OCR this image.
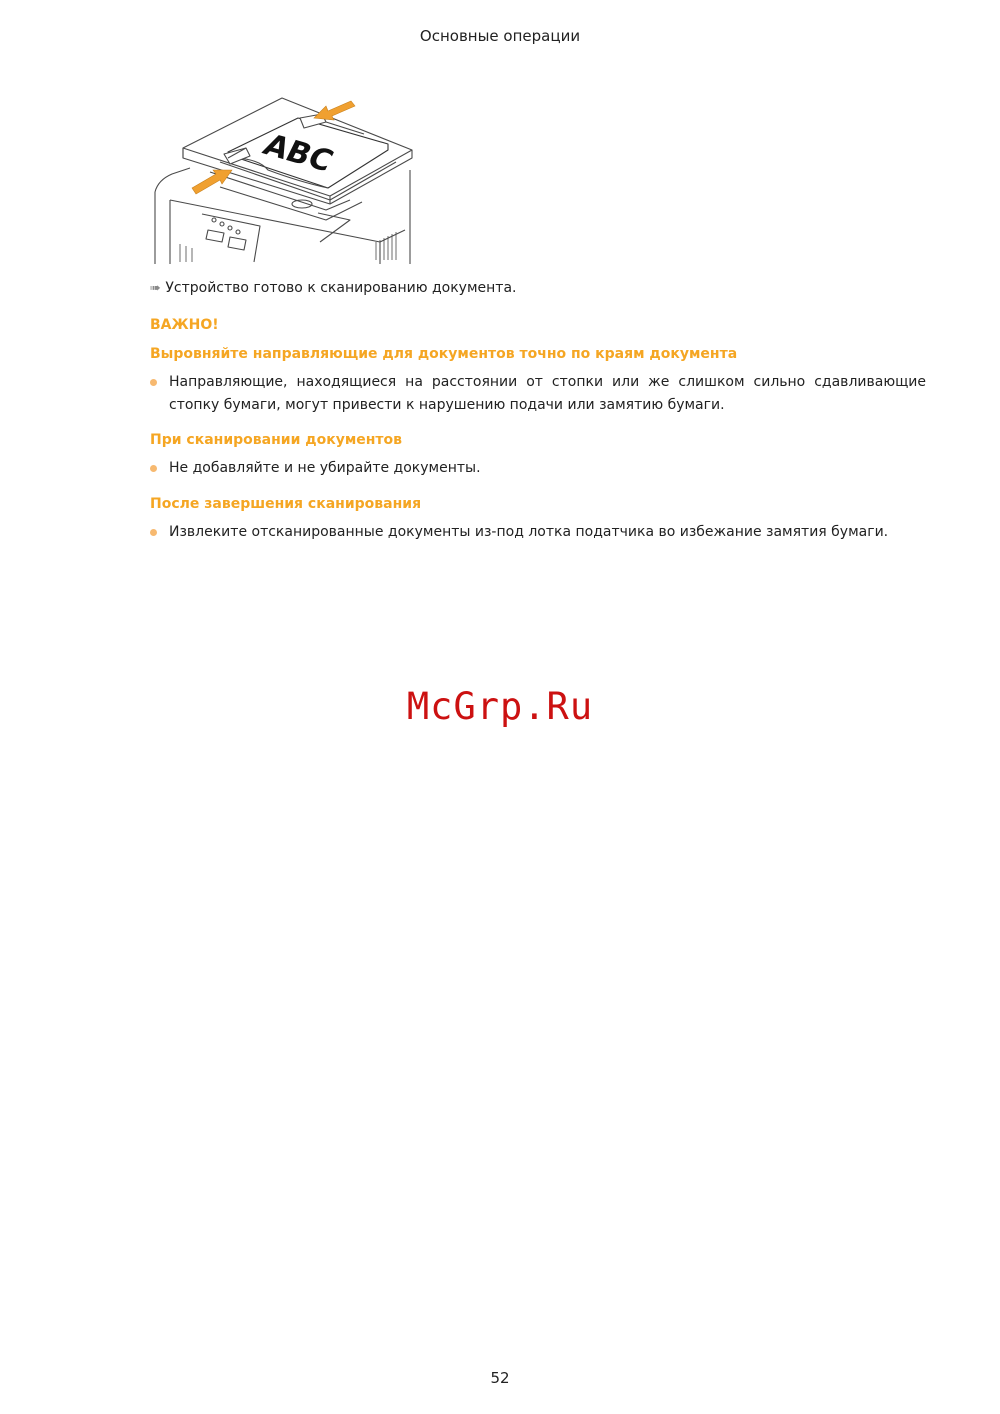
Основные операции
ABC
➠ Устройство готово к сканированию документа.
ВАЖНО!
Выровняйте направляющие для документов точно по краям документа
Направляющие, находящиеся на расстоянии от стопки или же слишком сильно сдавливающие стопку бумаги, могут привести к нарушению подачи или замятию бумаги.
При сканировании документов
Не добавляйте и не убирайте документы.
После завершения сканирования
Извлеките отсканированные документы из-под лотка податчика во избежание замятия бумаги.
McGrp.Ru
52
